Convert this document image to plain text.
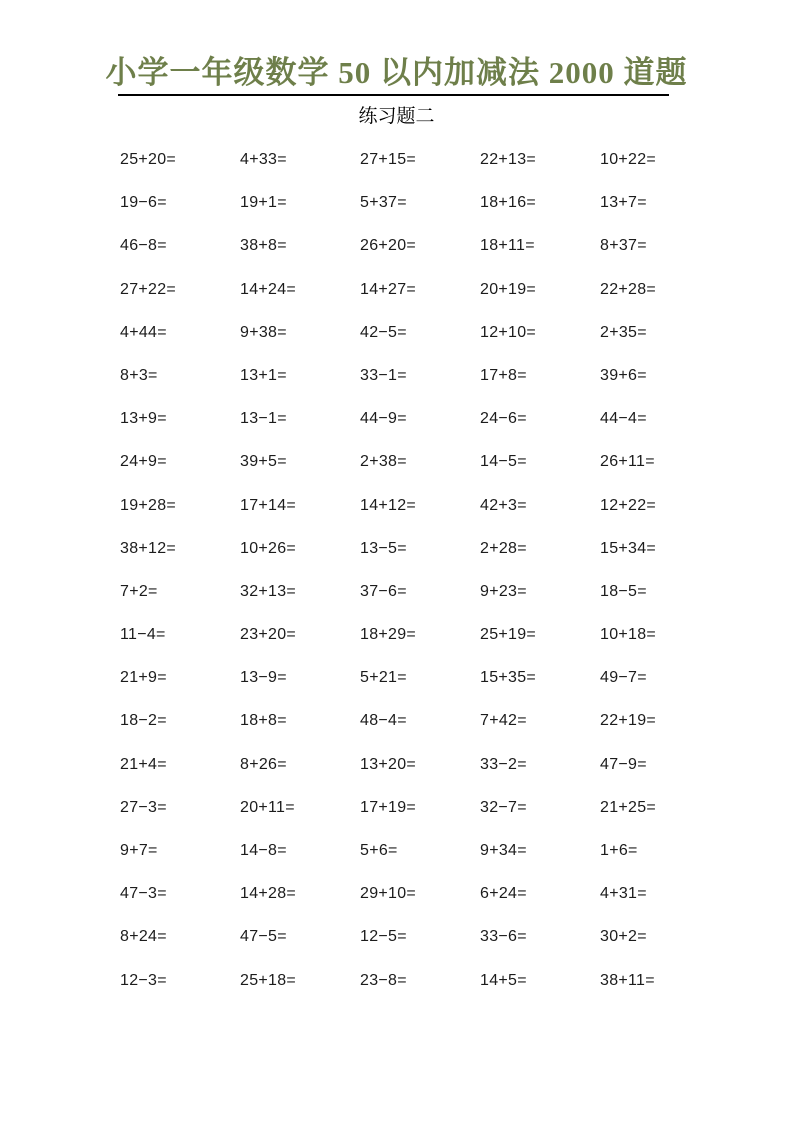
小学一年级数学 50 以内加减法 2000 道题
练习题二
25+20=	4+33=	27+15=	22+13=	10+22=
19−6=	19+1=	5+37=	18+16=	13+7=
46−8=	38+8=	26+20=	18+11=	8+37=
27+22=	14+24=	14+27=	20+19=	22+28=
4+44=	9+38=	42−5=	12+10=	2+35=
8+3=	13+1=	33−1=	17+8=	39+6=
13+9=	13−1=	44−9=	24−6=	44−4=
24+9=	39+5=	2+38=	14−5=	26+11=
19+28=	17+14=	14+12=	42+3=	12+22=
38+12=	10+26=	13−5=	2+28=	15+34=
7+2=	32+13=	37−6=	9+23=	18−5=
11−4=	23+20=	18+29=	25+19=	10+18=
21+9=	13−9=	5+21=	15+35=	49−7=
18−2=	18+8=	48−4=	7+42=	22+19=
21+4=	8+26=	13+20=	33−2=	47−9=
27−3=	20+11=	17+19=	32−7=	21+25=
9+7=	14−8=	5+6=	9+34=	1+6=
47−3=	14+28=	29+10=	6+24=	4+31=
8+24=	47−5=	12−5=	33−6=	30+2=
12−3=	25+18=	23−8=	14+5=	38+11=
